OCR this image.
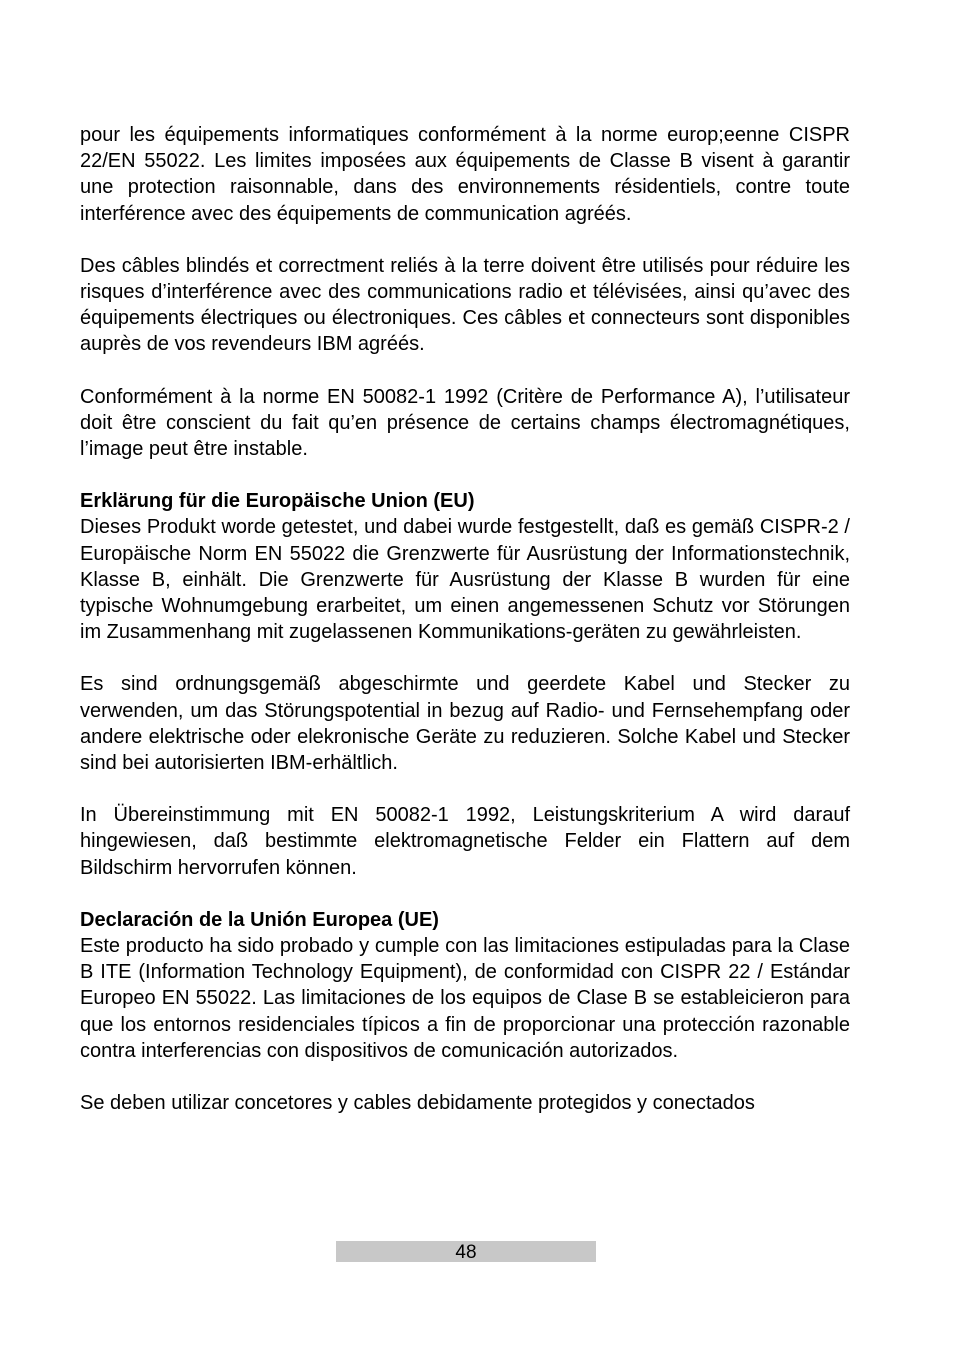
pour les équipements informatiques conformément à la norme europ;eenne CISPR 22/EN 55022. Les limites imposées aux équipements de Classe B visent à garantir une protection raisonnable, dans des environnements résidentiels, contre toute interférence avec des équipements de communication agréés.

Des câbles blindés et correctment reliés à la terre doivent être utilisés pour réduire les risques d’interférence avec des communications radio et télévisées, ainsi qu’avec des équipements électriques ou électroniques. Ces câbles et connecteurs sont disponibles auprès de vos revendeurs IBM agréés.

Conformément à la norme EN 50082-1 1992 (Critère de Performance A), l’utilisateur doit être conscient du fait qu’en présence de certains champs électromagnétiques, l’image peut être instable.

Erklärung für die Europäische Union (EU)

Dieses Produkt worde getestet, und dabei wurde festgestellt, daß es gemäß CISPR-2 / Europäische Norm EN 55022 die Grenzwerte für Ausrüstung der Informationstechnik, Klasse B, einhält. Die Grenzwerte für Ausrüstung der Klasse B wurden für eine typische Wohnumgebung erarbeitet, um einen angemessenen Schutz vor Störungen im Zusammenhang mit zugelassenen Kommunikations-geräten zu gewährleisten.

Es sind ordnungsgemäß abgeschirmte und geerdete Kabel und Stecker zu verwenden, um das Störungspotential in bezug auf Radio- und Fernsehempfang oder andere elektrische oder elekronische Geräte zu reduzieren. Solche Kabel und Stecker sind bei autorisierten IBM-erhältlich.

In Übereinstimmung mit EN 50082-1 1992, Leistungskriterium A wird darauf hingewiesen, daß bestimmte elektromagnetische Felder ein Flattern auf dem Bildschirm hervorrufen können.

Declaración de la Unión Europea (UE)

Este producto ha sido probado y cumple con las limitaciones estipuladas para la Clase B ITE (Information Technology Equipment), de conformidad con CISPR 22 / Estándar Europeo EN 55022. Las limitaciones de los equipos de Clase B se estableicieron para que los entornos residenciales típicos a fin de proporcionar una protección razonable contra interferencias con dispositivos de comunicación autorizados.

Se deben utilizar concetores y cables debidamente protegidos y conectados

48
